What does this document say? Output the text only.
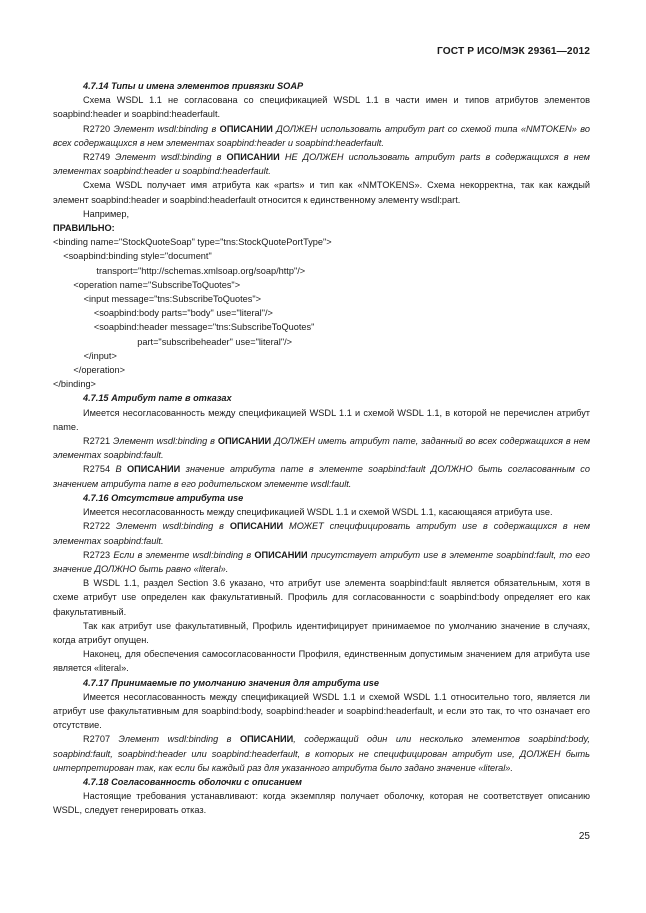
ГОСТ Р ИСО/МЭК 29361—2012

4.7.14 Типы и имена элементов привязки SOAP

Схема WSDL 1.1 не согласована со спецификацией WSDL 1.1 в части имен и типов атрибутов элементов soapbind:header и soapbind:headerfault.

R2720 Элемент wsdl:binding в ОПИСАНИИ ДОЛЖЕН использовать атрибут part со схемой типа «NMTOKEN» во всех содержащихся в нем элементах soapbind:header и soapbind:headerfault.

R2749 Элемент wsdl:binding в ОПИСАНИИ НЕ ДОЛЖЕН использовать атрибут parts в содержащихся в нем элементах soapbind:header и soapbind:headerfault.

Схема WSDL получает имя атрибута как «parts» и тип как «NMTOKENS». Схема некорректна, так как каждый элемент soapbind:header и soapbind:headerfault относится к единственному элементу wsdl:part.

Например,

ПРАВИЛЬНО:

<binding name="StockQuoteSoap" type="tns:StockQuotePortType">

<soapbind:binding style="document"

transport="http://schemas.xmlsoap.org/soap/http"/>

<operation name="SubscribeToQuotes">

<input message="tns:SubscribeToQuotes">

<soapbind:body parts="body" use="literal"/>

<soapbind:header message="tns:SubscribeToQuotes"

part="subscribeheader" use="literal"/>

</input>

</operation>

</binding>

4.7.15 Атрибут name в отказах

Имеется несогласованность между спецификацией WSDL 1.1 и схемой WSDL 1.1, в которой не перечислен атрибут name.

R2721 Элемент wsdl:binding в ОПИСАНИИ ДОЛЖЕН иметь атрибут name, заданный во всех содержащихся в нем элементах soapbind:fault.

R2754 В ОПИСАНИИ значение атрибута name в элементе soapbind:fault ДОЛЖНО быть согласованным со значением атрибута name в его родительском элементе wsdl:fault.

4.7.16 Отсутствие атрибута use

Имеется несогласованность между спецификацией WSDL 1.1 и схемой WSDL 1.1, касающаяся атрибута use.

R2722 Элемент wsdl:binding в ОПИСАНИИ МОЖЕТ специфицировать атрибут use в содержащихся в нем элементах soapbind:fault.

R2723 Если в элементе wsdl:binding в ОПИСАНИИ присутствует атрибут use в элементе soapbind:fault, то его значение ДОЛЖНО быть равно «literal».

В WSDL 1.1, раздел Section 3.6 указано, что атрибут use элемента soapbind:fault является обязательным, хотя в схеме атрибут use определен как факультативный. Профиль для согласованности с soapbind:body определяет его как факультативный.

Так как атрибут use факультативный, Профиль идентифицирует принимаемое по умолчанию значение в случаях, когда атрибут опущен.

Наконец, для обеспечения самосогласованности Профиля, единственным допустимым значением для атрибута use является «literal».

4.7.17 Принимаемые по умолчанию значения для атрибута use

Имеется несогласованность между спецификацией WSDL 1.1 и схемой WSDL 1.1 относительно того, является ли атрибут use факультативным для soapbind:body, soapbind:header и soapbind:headerfault, и если это так, то что означает его отсутствие.

R2707 Элемент wsdl:binding в ОПИСАНИИ, содержащий один или несколько элементов soapbind:body, soapbind:fault, soapbind:header или soapbind:headerfault, в которых не специфицирован атрибут use, ДОЛЖЕН быть интерпретирован так, как если бы каждый раз для указанного атрибута было задано значение «literal».

4.7.18 Согласованность оболочки с описанием

Настоящие требования устанавливают: когда экземпляр получает оболочку, которая не соответствует описанию WSDL, следует генерировать отказ.

25
